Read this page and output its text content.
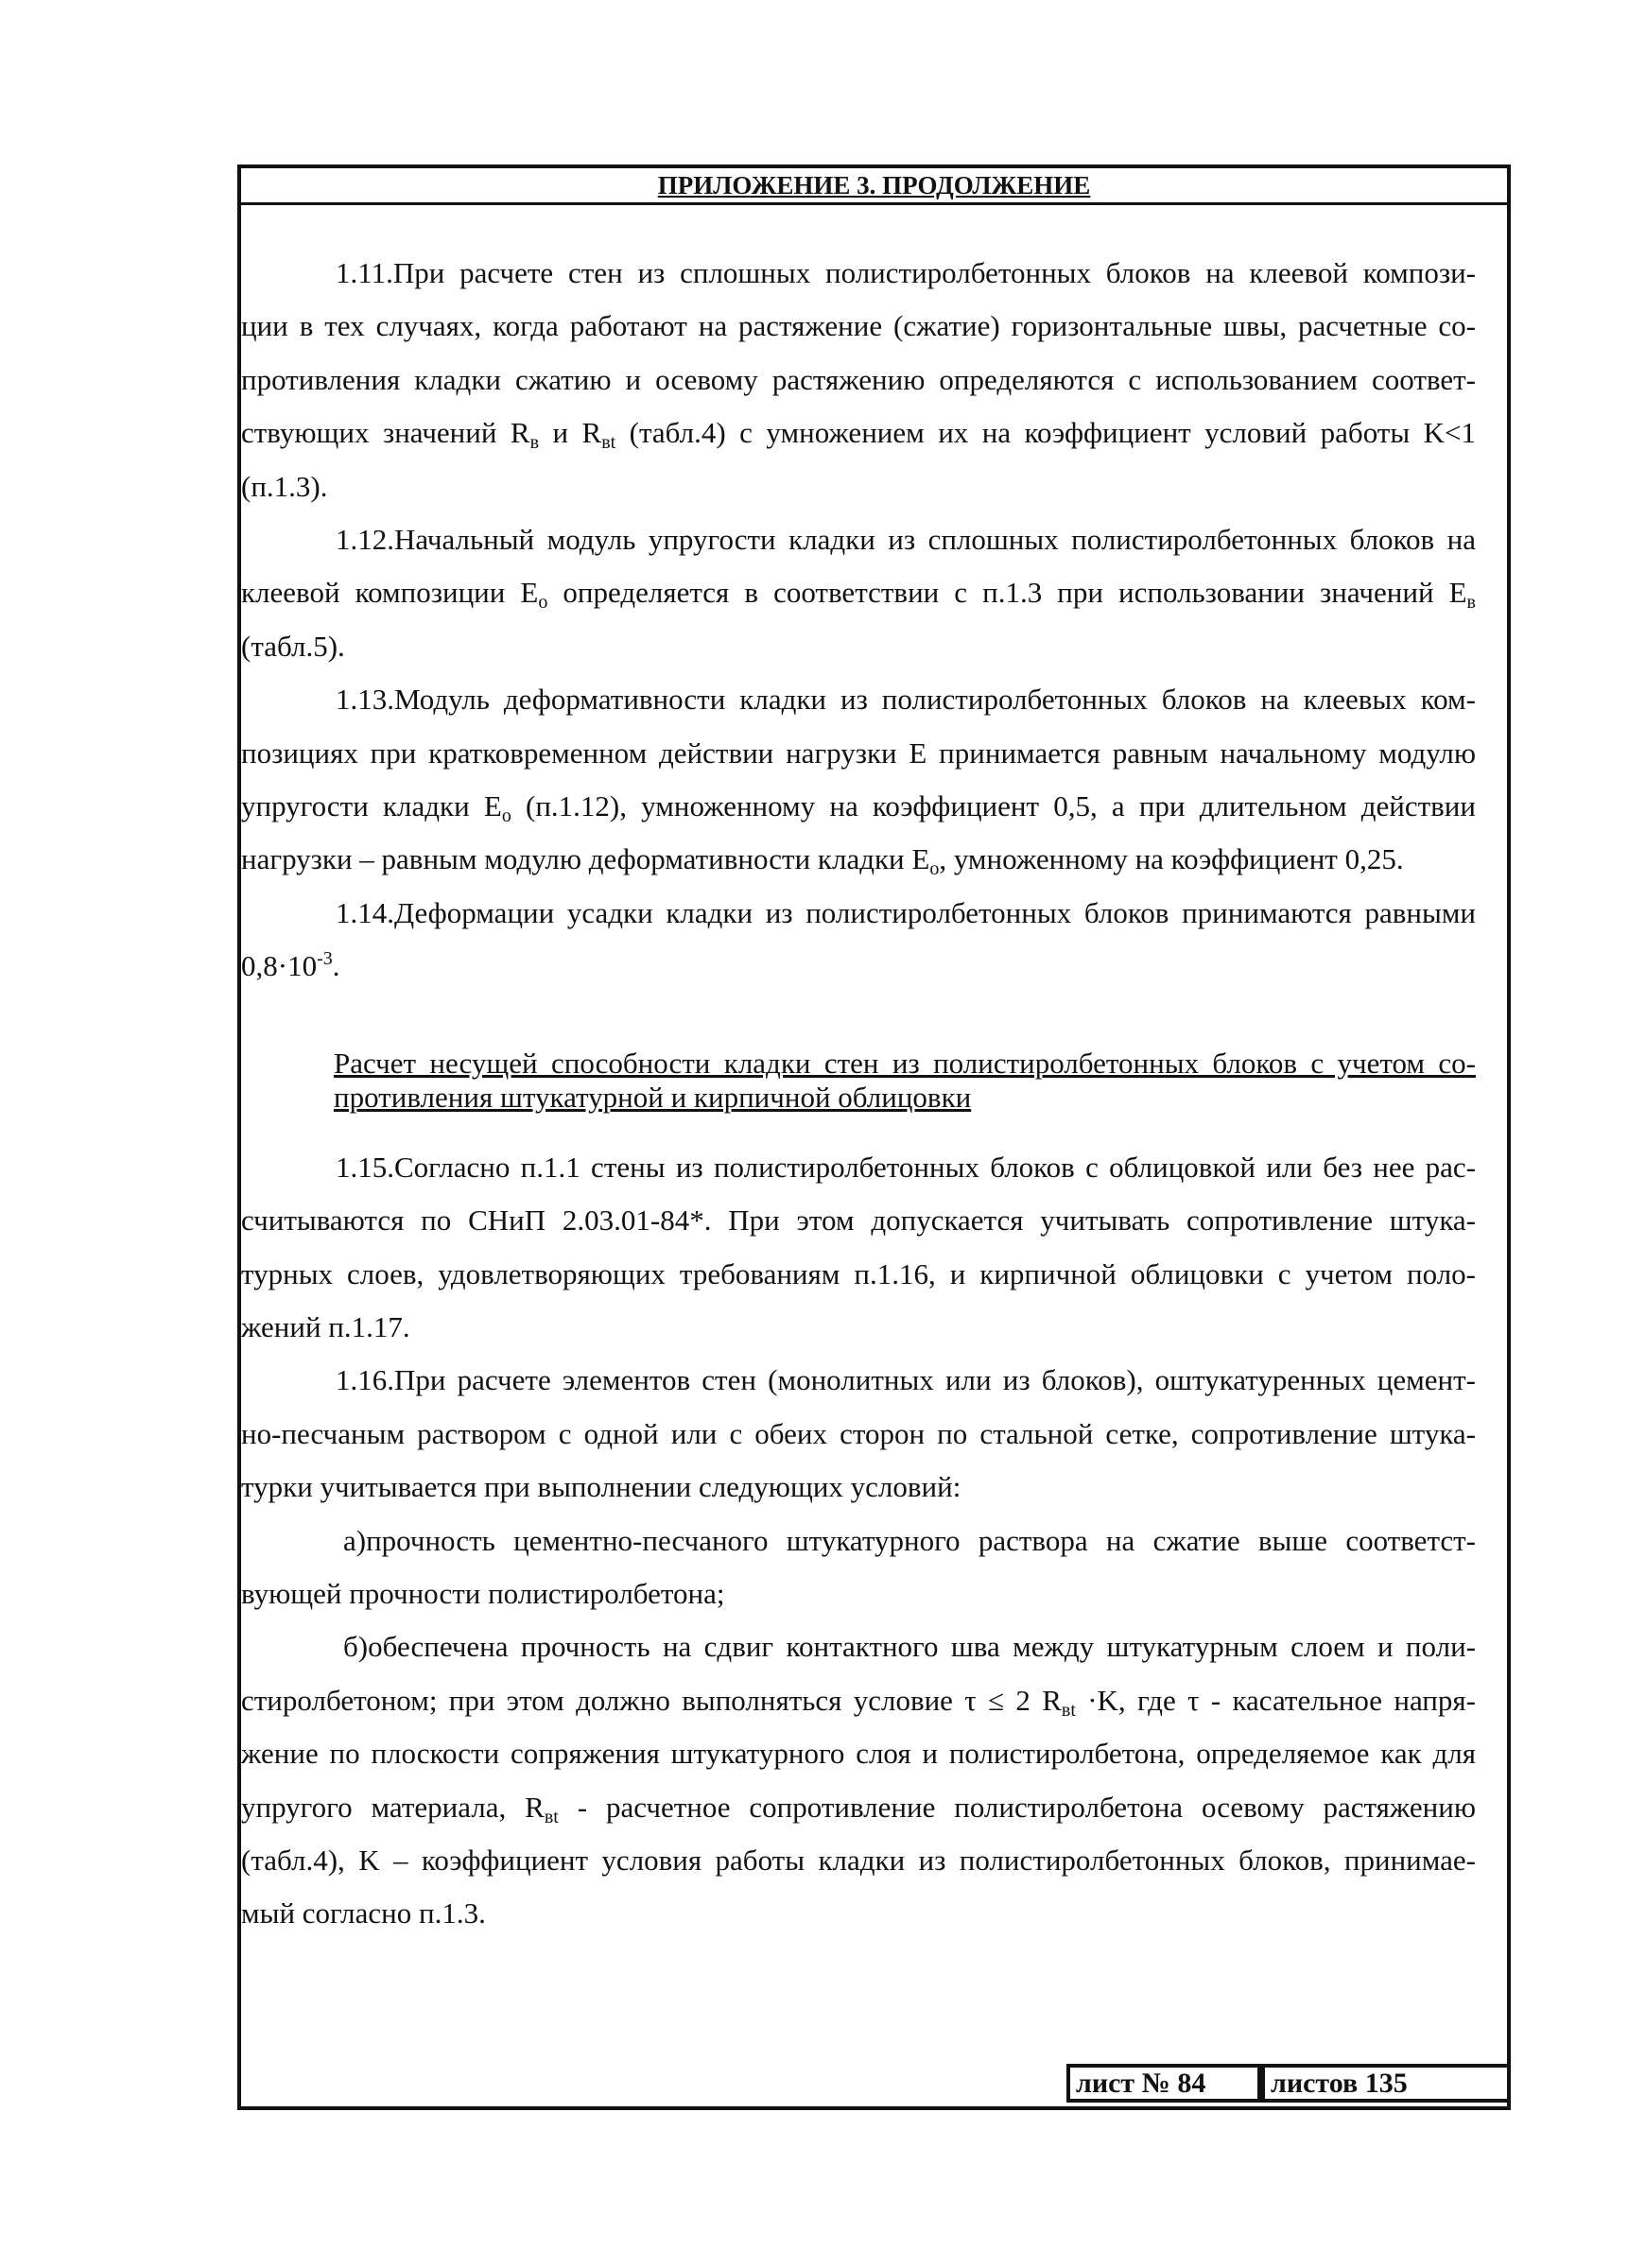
ПРИЛОЖЕНИЕ 3. ПРОДОЛЖЕНИЕ
1.11.При расчете стен из сплошных полистиролбетонных блоков на клеевой компози-
ции в тех случаях, когда работают на растяжение (сжатие) горизонтальные швы, расчетные со-
противления кладки сжатию и осевому растяжению определяются с использованием соответ-
ствующих значений $R_в$ и $R_{вt}$ (табл.4) с умножением их на коэффициент условий работы K<1
(п.1.3).
1.12.Начальный модуль упругости кладки из сплошных полистиролбетонных блоков на
клеевой композиции $E_o$ определяется в соответствии с п.1.3 при использовании значений $E_в$
(табл.5).
1.13.Модуль деформативности кладки из полистиролбетонных блоков на клеевых ком-
позициях при кратковременном действии нагрузки E принимается равным начальному модулю
упругости кладки $E_o$ (п.1.12), умноженному на коэффициент 0,5, а при длительном действии
нагрузки – равным модулю деформативности кладки $E_o$, умноженному на коэффициент 0,25.
1.14.Деформации усадки кладки из полистиролбетонных блоков принимаются равными
$0,8\cdot 10^{-3}$.
Расчет несущей способности кладки стен из полистиролбетонных блоков с учетом со-
противления штукатурной и кирпичной облицовки
1.15.Согласно п.1.1 стены из полистиролбетонных блоков с облицовкой или без нее рас-
считываются по СНиП 2.03.01-84*. При этом допускается учитывать сопротивление штука-
турных слоев, удовлетворяющих требованиям п.1.16, и кирпичной облицовки с учетом поло-
жений п.1.17.
1.16.При расчете элементов стен (монолитных или из блоков), оштукатуренных цемент-
но-песчаным раствором с одной или с обеих сторон по стальной сетке, сопротивление штука-
турки учитывается при выполнении следующих условий:
а)прочность цементно-песчаного штукатурного раствора на сжатие выше соответст-
вующей прочности полистиролбетона;
б)обеспечена прочность на сдвиг контактного шва между штукатурным слоем и поли-
стиролбетоном; при этом должно выполняться условие τ ≤ 2 $R_{вt} \cdot K$, где τ - касательное напря-
жение по плоскости сопряжения штукатурного слоя и полистиролбетона, определяемое как для
упругого материала, $R_{вt}$ - расчетное сопротивление полистиролбетона осевому растяжению
(табл.4), K – коэффициент условия работы кладки из полистиролбетонных блоков, принимае-
мый согласно п.1.3.
лист № 84	листов 135
